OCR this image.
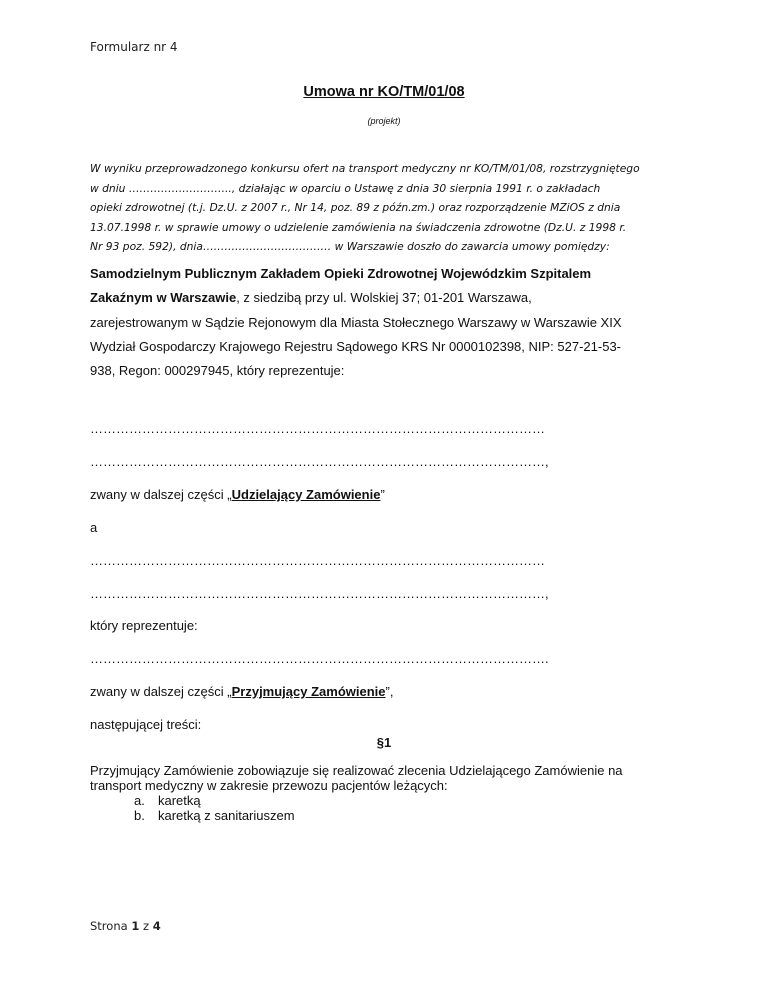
Formularz nr 4
Umowa nr KO/TM/01/08
(projekt)
W wyniku przeprowadzonego konkursu ofert na transport medyczny nr KO/TM/01/08, rozstrzygniętego
w dniu ……………………….., działając w oparciu o Ustawę z dnia 30 sierpnia 1991 r. o zakładach
opieki zdrowotnej (t.j. Dz.U. z 2007 r., Nr 14, poz. 89 z późn.zm.) oraz rozporządzenie MZiOS z dnia
13.07.1998 r. w sprawie umowy o udzielenie zamówienia na świadczenia zdrowotne (Dz.U. z 1998 r.
Nr 93 poz. 592), dnia……………………………… w Warszawie doszło do zawarcia umowy pomiędzy:
Samodzielnym Publicznym Zakładem Opieki Zdrowotnej Wojewódzkim Szpitalem
Zakaźnym w Warszawie, z siedzibą przy ul. Wolskiej 37; 01-201 Warszawa,
zarejestrowanym w Sądzie Rejonowym dla Miasta Stołecznego Warszawy w Warszawie XIX
Wydział Gospodarczy Krajowego Rejestru Sądowego KRS Nr 0000102398, NIP: 527-21-53-
938, Regon: 000297945, który reprezentuje:
……………………………………………………………………………………………
……………………………………………………………………………………………,
zwany w dalszej części „Udzielający Zamówienie”
a
……………………………………………………………………………………………
……………………………………………………………………………………………,
który reprezentuje:
…………………………………………………………………………………………….
zwany w dalszej części „Przyjmujący Zamówienie”,
następującej treści:
§1
Przyjmujący Zamówienie zobowiązuje się realizować zlecenia Udzielającego Zamówienie na
transport medyczny w zakresie przewozu pacjentów leżących:
a. karetką
b. karetką z sanitariuszem
Strona 1 z 4
